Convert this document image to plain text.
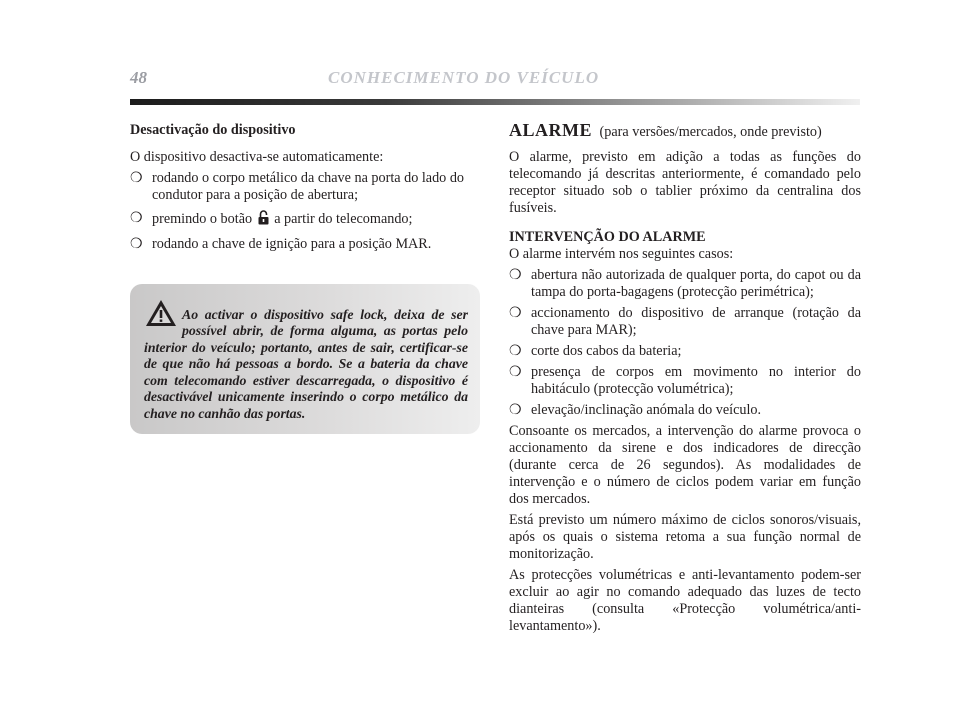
48	CONHECIMENTO DO VEÍCULO

Desactivação do dispositivo

O dispositivo desactiva-se automaticamente:

❍ rodando o corpo metálico da chave na porta do lado do condutor para a posição de abertura;
❍ premindo o botão a partir do telecomando;
❍ rodando a chave de ignição para a posição MAR.

Ao activar o dispositivo safe lock, deixa de ser possível abrir, de forma alguma, as portas pelo interior do veículo; portanto, antes de sair, certificar-se de que não há pessoas a bordo. Se a bateria da chave com telecomando estiver descarregada, o dispositivo é desactivável unicamente inserindo o corpo metálico da chave no canhão das portas.

ALARME (para versões/mercados, onde previsto)

O alarme, previsto em adição a todas as funções do telecomando já descritas anteriormente, é comandado pelo receptor situado sob o tablier próximo da centralina dos fusíveis.

INTERVENÇÃO DO ALARME

O alarme intervém nos seguintes casos:

❍ abertura não autorizada de qualquer porta, do capot ou da tampa do porta-bagagens (protecção perimétrica);
❍ accionamento do dispositivo de arranque (rotação da chave para MAR);
❍ corte dos cabos da bateria;
❍ presença de corpos em movimento no interior do habitáculo (protecção volumétrica);
❍ elevação/inclinação anómala do veículo.

Consoante os mercados, a intervenção do alarme provoca o accionamento da sirene e dos indicadores de direcção (durante cerca de 26 segundos). As modalidades de intervenção e o número de ciclos podem variar em função dos mercados.

Está previsto um número máximo de ciclos sonoros/visuais, após os quais o sistema retoma a sua função normal de monitorização.

As protecções volumétricas e anti-levantamento podem-ser excluir ao agir no comando adequado das luzes de tecto dianteiras (consulta «Protecção volumétrica/anti-levantamento»).
